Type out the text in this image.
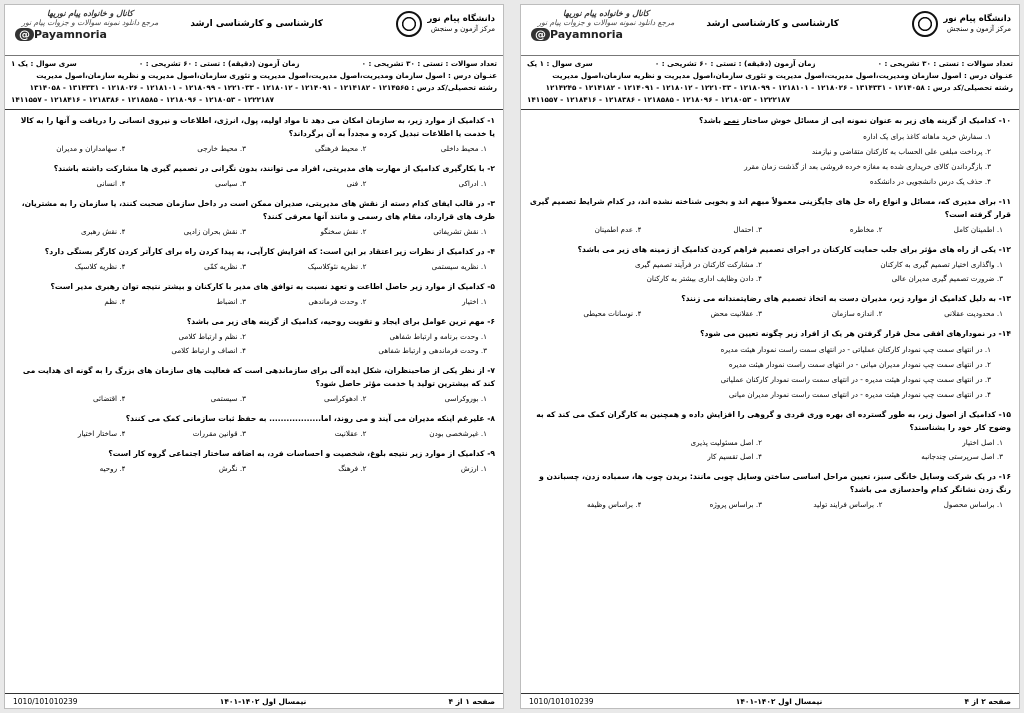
دانشگاه پیام نور
مرکز آزمون و سنجش

کارشناسی و کارشناسی ارشد
کانال و خانواده پیام نوریها
مرجع دانلود نمونه سوالات و جزوات پیام نور
@ Payamnoria
تعداد سوالات : تستی : ۳۰ تشریحی : ۰
زمان آزمون (دقیقه) : تستی : ۶۰ تشریحی : ۰
سری سوال : یک ۱
عنـوان درس : اصول سازمان ومدیریت،اصول مدیریت،اصول مدیریت و تئوری سازمان،اصول مدیریت و نظریه سازمان،اصول مدیریت
رشته تحصیلی/کد درس : ۱۲۱۴۵۶۵ - ۱۲۱۴۱۸۲ - ۱۲۱۴۰۹۱ - ۱۲۱۸۰۱۲ - ۱۲۲۱۰۳۳ - ۱۲۱۸۰۹۹ - ۱۲۱۸۱۰۱ - ۱۲۱۸۰۲۶ - ۱۳۱۴۳۳۱ - ۱۳۱۴۰۵۸
۱۲۲۲۱۸۷ - ۱۲۱۸۰۵۳ - ۱۲۱۸۰۹۶ - ۱۲۱۸۵۸۵ - ۱۲۱۸۳۸۶ - ۱۲۱۸۴۱۶ - ۱۴۱۱۵۵۷
۱- کدامیک از موارد زیر، به سازمان امکان می دهد تا مواد اولیه، پول، انرژی، اطلاعات و نیروی انسانی را دریافت و آنها را به کالا یا خدمت یا اطلاعات تبدیل کرده و مجدداً به آن برگرداند؟
۱. محیط داخلی
۲. محیط فرهنگی
۳. محیط خارجی
۴. سهامداران و مدیران
۲- با بکارگیری کدامیک از مهارت های مدیریتی، افراد می توانند، بدون نگرانی در تصمیم گیری ها مشارکت داشته باشند؟
۱. ادراکی
۲. فنی
۳. سیاسی
۴. انسانی
۳- در قالب ایفای کدام دسته از نقش های مدیریتی، صدیران ممکن است در داخل سازمان صحبت کنند، یا سازمان را به مشتریان، طرف های قرارداد، مقام های رسمی و مانند آنها معرفی کنند؟
۱. نقش تشریفاتی
۲. نقش سخنگو
۳. نقش بحران زادیی
۴. نقش رهبری
۴- در کدامیک از نظرات زیر اعتقاد بر این است: که افزایش کارآیی، به پیدا کردن راه برای کارآتر کردن کارگر بستگی دارد؟
۱. نظریه سیستمی
۲. نظریه نئوکلاسیک
۳. نظریه کمّی
۴. نظریه کلاسیک
۵- کدامیک از موارد زیر حاصل اطاعت و تعهد نسبت به توافق های مدیر با کارکنان و بیشتر نتیجه توان رهبری مدیر است؟
۱. اختیار
۲. وحدت فرماندهی
۳. انضباط
۴. نظم
۶- مهم ترین عوامل برای ایجاد و تقویت روحیه، کدامیک از گزینه های زیر می باشد؟
۱. وحدت برنامه و ارتباط شفاهی
۲. نظم و ارتباط کلامی
۳. وحدت فرماندهی و ارتباط شفاهی
۴. انصاف و ارتباط کلامی
۷- از نظر یکی از صاحبنظران، شکل ایده آلی برای سازماندهی است که فعالیت های سازمان های بزرگ را به گونه ای هدایت می کند که بیشترین تولید یا خدمت مؤثر حاصل شود؟
۱. بوروکراسی
۲. ادهوکراسی
۳. سیستمی
۴. اقتضائی
۸- علیرغم اینکه مدیران می آیند و می روند، اما.................. به حفظ ثبات سازمانی کمک می کنند؟
۱. غیرشخصی بودن
۲. عقلانیت
۳. قوانین مقررات
۴. ساختار اختیار
۹- کدامیک از موارد زیر نتیجه بلوغ، شخصیت و احساسات فرد، به اضافه ساختار اجتماعی گروه کار است؟
۱. ارزش
۲. فرهنگ
۳. نگرش
۴. روحیه
صفحه ۱ از ۴
نیمسال اول ۱۴۰۲-۱۴۰۱
1010/101010239
دانشگاه پیام نور
مرکز آزمون و سنجش

کارشناسی و کارشناسی ارشد
کانال و خانواده پیام نوریها
مرجع دانلود نمونه سوالات و جزوات پیام نور
@ Payamnoria
تعداد سوالات : تستی : ۳۰ تشریحی : ۰
زمان آزمون (دقیقه) : تستی : ۶۰ تشریحی : ۰
سری سوال : ۱ یک
عنـوان درس : اصول سازمان ومدیریت،اصول مدیریت،اصول مدیریت و تئوری سازمان،اصول مدیریت و نظریه سازمان،اصول مدیریت
رشته تحصیلی/کد درس : ۱۲۱۴۰۵۸ - ۱۳۱۴۳۳۱ - ۱۲۱۸۰۲۶ - ۱۲۱۸۱۰۱ - ۱۲۱۸۰۹۹ - ۱۲۲۱۰۳۳ - ۱۲۱۸۰۱۲ - ۱۲۱۴۰۹۱ - ۱۲۱۴۱۸۲ - ۱۲۱۴۲۴۵
۱۲۲۲۱۸۷ - ۱۲۱۸۰۵۳ - ۱۲۱۸۰۹۶ - ۱۲۱۸۵۸۵ - ۱۲۱۸۳۸۶ - ۱۲۱۸۴۱۶ - ۱۴۱۱۵۵۷
۱۰- کدامیک از گزینه های زیر به عنوان نمونه ایی از مسائل خوش ساختار نمی باشد؟
۱. سفارش خرید ماهانه کاغذ برای یک اداره
۲. پرداخت مبلغی علی الحساب به کارکنان متقاضی و نیازمند
۳. بازگرداندن کالای خریداری شده به مغازه خرده فروشی بعد از گذشت زمان مقرر
۴. حذف یک درس دانشجویی در دانشکده
۱۱- برای مدیری که، مسائل و انواع راه حل های جایگزینی معمولاً مبهم اند و بخوبی شناخته نشده اند، در کدام شرایط تصمیم گیری قرار گرفته است؟
۱. اطمینان کامل
۲. مخاطره
۳. احتمال
۴. عدم اطمینان
۱۲- یکی از راه های مؤثر برای جلب حمایت کارکنان در اجرای تصمیم فراهم کردن کدامیک از زمینه های زیر می باشد؟
۱. واگذاری اختیار تصمیم گیری به کارکنان
۲. مشارکت کارکنان در فرآیند تصمیم گیری
۳. ضرورت تصمیم گیری مدیران عالی
۴. دادن وظایف اداری بیشتر به کارکنان
۱۳- به دلیل کدامیک از موارد زیر، مدیران دست به اتخاذ تصمیم های رضایتمندانه می زنند؟
۱. محدودیت عقلانی
۲. اندازه سازمان
۳. عقلانیت محض
۴. نوسانات محیطی
۱۴- در نمودارهای افقی محل قرار گرفتن هر یک از افراد زیر چگونه تعیین می شود؟
۱. در انتهای سمت چپ نمودار کارکنان عملیاتی - در انتهای سمت راست نمودار هیئت مدیره
۲. در انتهای سمت چپ نمودار مدیران میانی - در انتهای سمت راست نمودار هیئت مدیره
۳. در انتهای سمت چپ نمودار هیئت مدیره - در انتهای سمت راست نمودار کارکنان عملیاتی
۴. در انتهای سمت چپ نمودار هیئت مدیره - در انتهای سمت راست نمودار مدیران میانی
۱۵- کدامیک از اصول زیر، به طور گسترده ای بهره وری فردی و گروهی را افزایش داده و همچنین به کارگران کمک می کند که به وضوح کار خود را بشناسند؟
۱. اصل اختیار
۲. اصل مسئولیت پذیری
۳. اصل سرپرستی چندجانبه
۴. اصل تقسیم کار
۱۶- در یک شرکت وسایل خانگی سبز، تعیین مراحل اساسی ساختن وسایل چوبی مانند: بریدن چوب ها، سمباده زدن، چسباندن و رنگ زدن نشانگر کدام واحدسازی می باشد؟
۱. براساس محصول
۲. براساس فرایند تولید
۳. براساس پروژه
۴. براساس وظیفه
صفحه ۲ از ۴
نیمسال اول ۱۴۰۲-۱۴۰۱
1010/101010239
